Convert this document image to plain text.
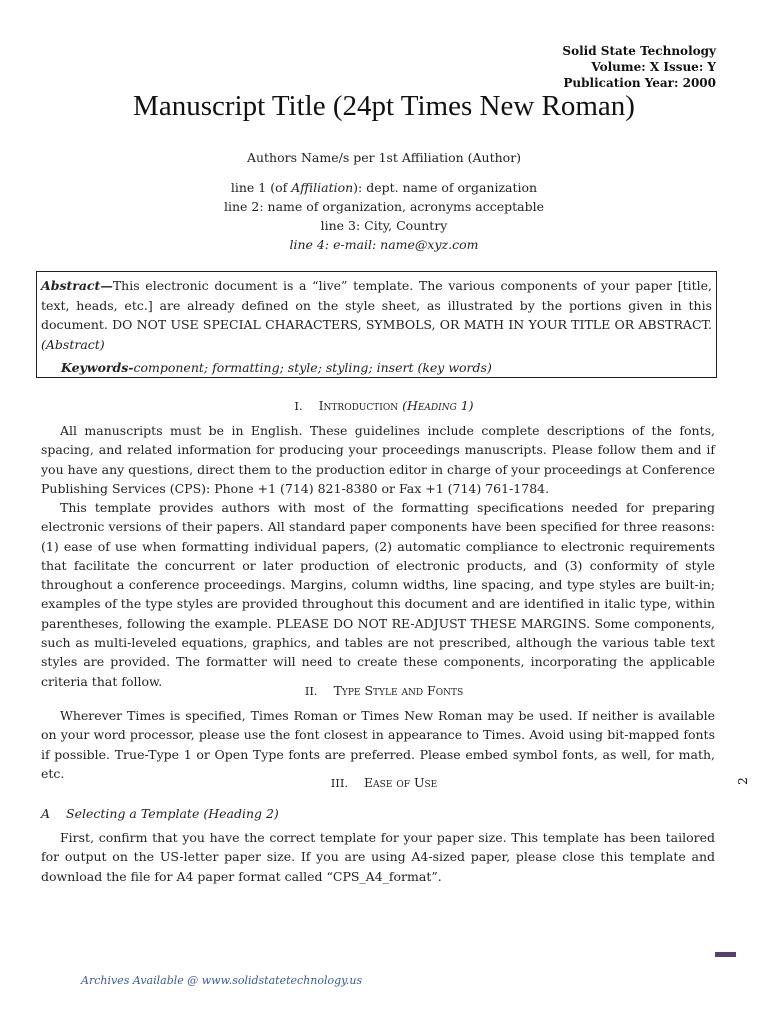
Solid State Technology
Volume: X Issue: Y
Publication Year: 2000
Manuscript Title (24pt Times New Roman)
Authors Name/s per 1st Affiliation (Author)
line 1 (of Affiliation): dept. name of organization
line 2: name of organization, acronyms acceptable
line 3: City, Country
line 4: e-mail: name@xyz.com
Abstract—This electronic document is a “live” template. The various components of your paper [title, text, heads, etc.] are already defined on the style sheet, as illustrated by the portions given in this document. DO NOT USE SPECIAL CHARACTERS, SYMBOLS, OR MATH IN YOUR TITLE OR ABSTRACT. (Abstract)
Keywords-component; formatting; style; styling; insert (key words)
I. Introduction (Heading 1)

All manuscripts must be in English. These guidelines include complete descriptions of the fonts, spacing, and related information for producing your proceedings manuscripts. Please follow them and if you have any questions, direct them to the production editor in charge of your proceedings at Conference Publishing Services (CPS): Phone +1 (714) 821-8380 or Fax +1 (714) 761-1784.

This template provides authors with most of the formatting specifications needed for preparing electronic versions of their papers. All standard paper components have been specified for three reasons: (1) ease of use when formatting individual papers, (2) automatic compliance to electronic requirements that facilitate the concurrent or later production of electronic products, and (3) conformity of style throughout a conference proceedings. Margins, column widths, line spacing, and type styles are built-in; examples of the type styles are provided throughout this document and are identified in italic type, within parentheses, following the example. PLEASE DO NOT RE-ADJUST THESE MARGINS. Some components, such as multi-leveled equations, graphics, and tables are not prescribed, although the various table text styles are provided. The formatter will need to create these components, incorporating the applicable criteria that follow.

II. Type Style and Fonts

Wherever Times is specified, Times Roman or Times New Roman may be used. If neither is available on your word processor, please use the font closest in appearance to Times. Avoid using bit-mapped fonts if possible. True-Type 1 or Open Type fonts are preferred. Please embed symbol fonts, as well, for math, etc.

III. Ease of Use
A Selecting a Template (Heading 2)

First, confirm that you have the correct template for your paper size. This template has been tailored for output on the US-letter paper size. If you are using A4-sized paper, please close this template and download the file for A4 paper format called “CPS_A4_format”.

2
Archives Available @ www.solidstatetechnology.us
